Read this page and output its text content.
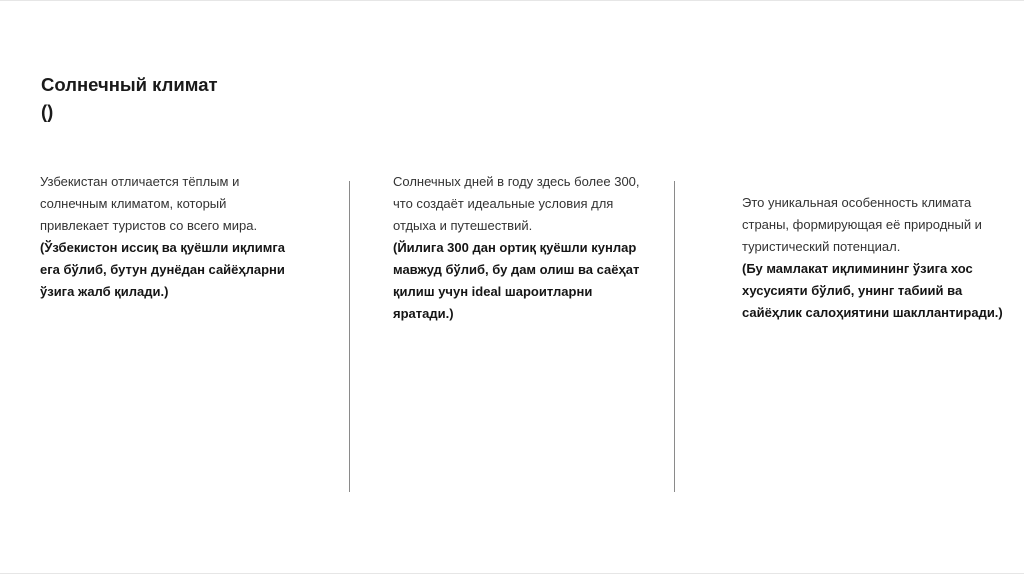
Солнечный климат
()

Узбекистан отличается тёплым и

солнечным климатом, который

привлекает туристов со всего мира.

(Ўзбекистон иссиқ ва қуёшли иқлимга

ега бўлиб, бутун дунёдан сайёҳларни

ўзига жалб қилади.)

Солнечных дней в году здесь более 300,

что создаёт идеальные условия для

отдыха и путешествий.

(Йилига 300 дан ортиқ қуёшли кунлар

мавжуд бўлиб, бу дам олиш ва саёҳат

қилиш учун ideal шароитларни

яратади.)

Это уникальная особенность климата

страны, формирующая её природный и

туристический потенциал.

(Бу мамлакат иқлимининг ўзига хос

хусусияти бўлиб, унинг табиий ва

сайёҳлик салоҳиятини шакллантиради.)
